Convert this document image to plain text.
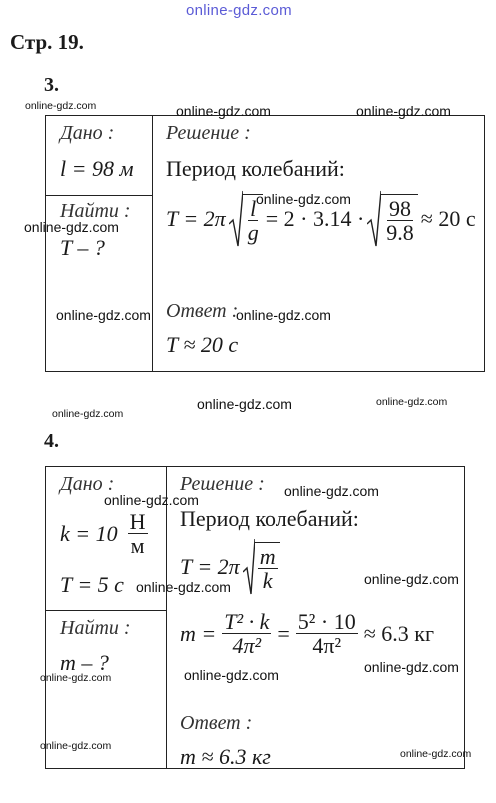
online-gdz.com
Стр. 19.
3.
Дано :
l = 98 м
Найти :
T – ?
Решение :
Период колебаний:
$T = 2\pi \frac{l}{g} = 2 \cdot 3.14 \cdot \frac{98}{9.8} \approx 20$ с
Ответ :
T ≈ 20 с
4.
Дано :
$k = 10 \frac{Н}{м}$
T = 5 с
Найти :
m – ?
Решение :
Период колебаний:
$T = 2\pi \frac{m}{k}$
$m = \frac{\text{T² · k}}{\text{4π²}} = \frac{\text{5² · 10}}{\text{4π²}} \approx 6.3$ кг
Ответ :
m ≈ 6.3 кг
online-gdz.com	online-gdz.com	online-gdz.com
online-gdz.com
online-gdz.com
online-gdz.com	online-gdz.com
online-gdz.com
online-gdz.com	online-gdz.com
online-gdz.com
online-gdz.com
online-gdz.com
online-gdz.com
online-gdz.com
online-gdz.com
online-gdz.com
online-gdz.com
online-gdz.com
